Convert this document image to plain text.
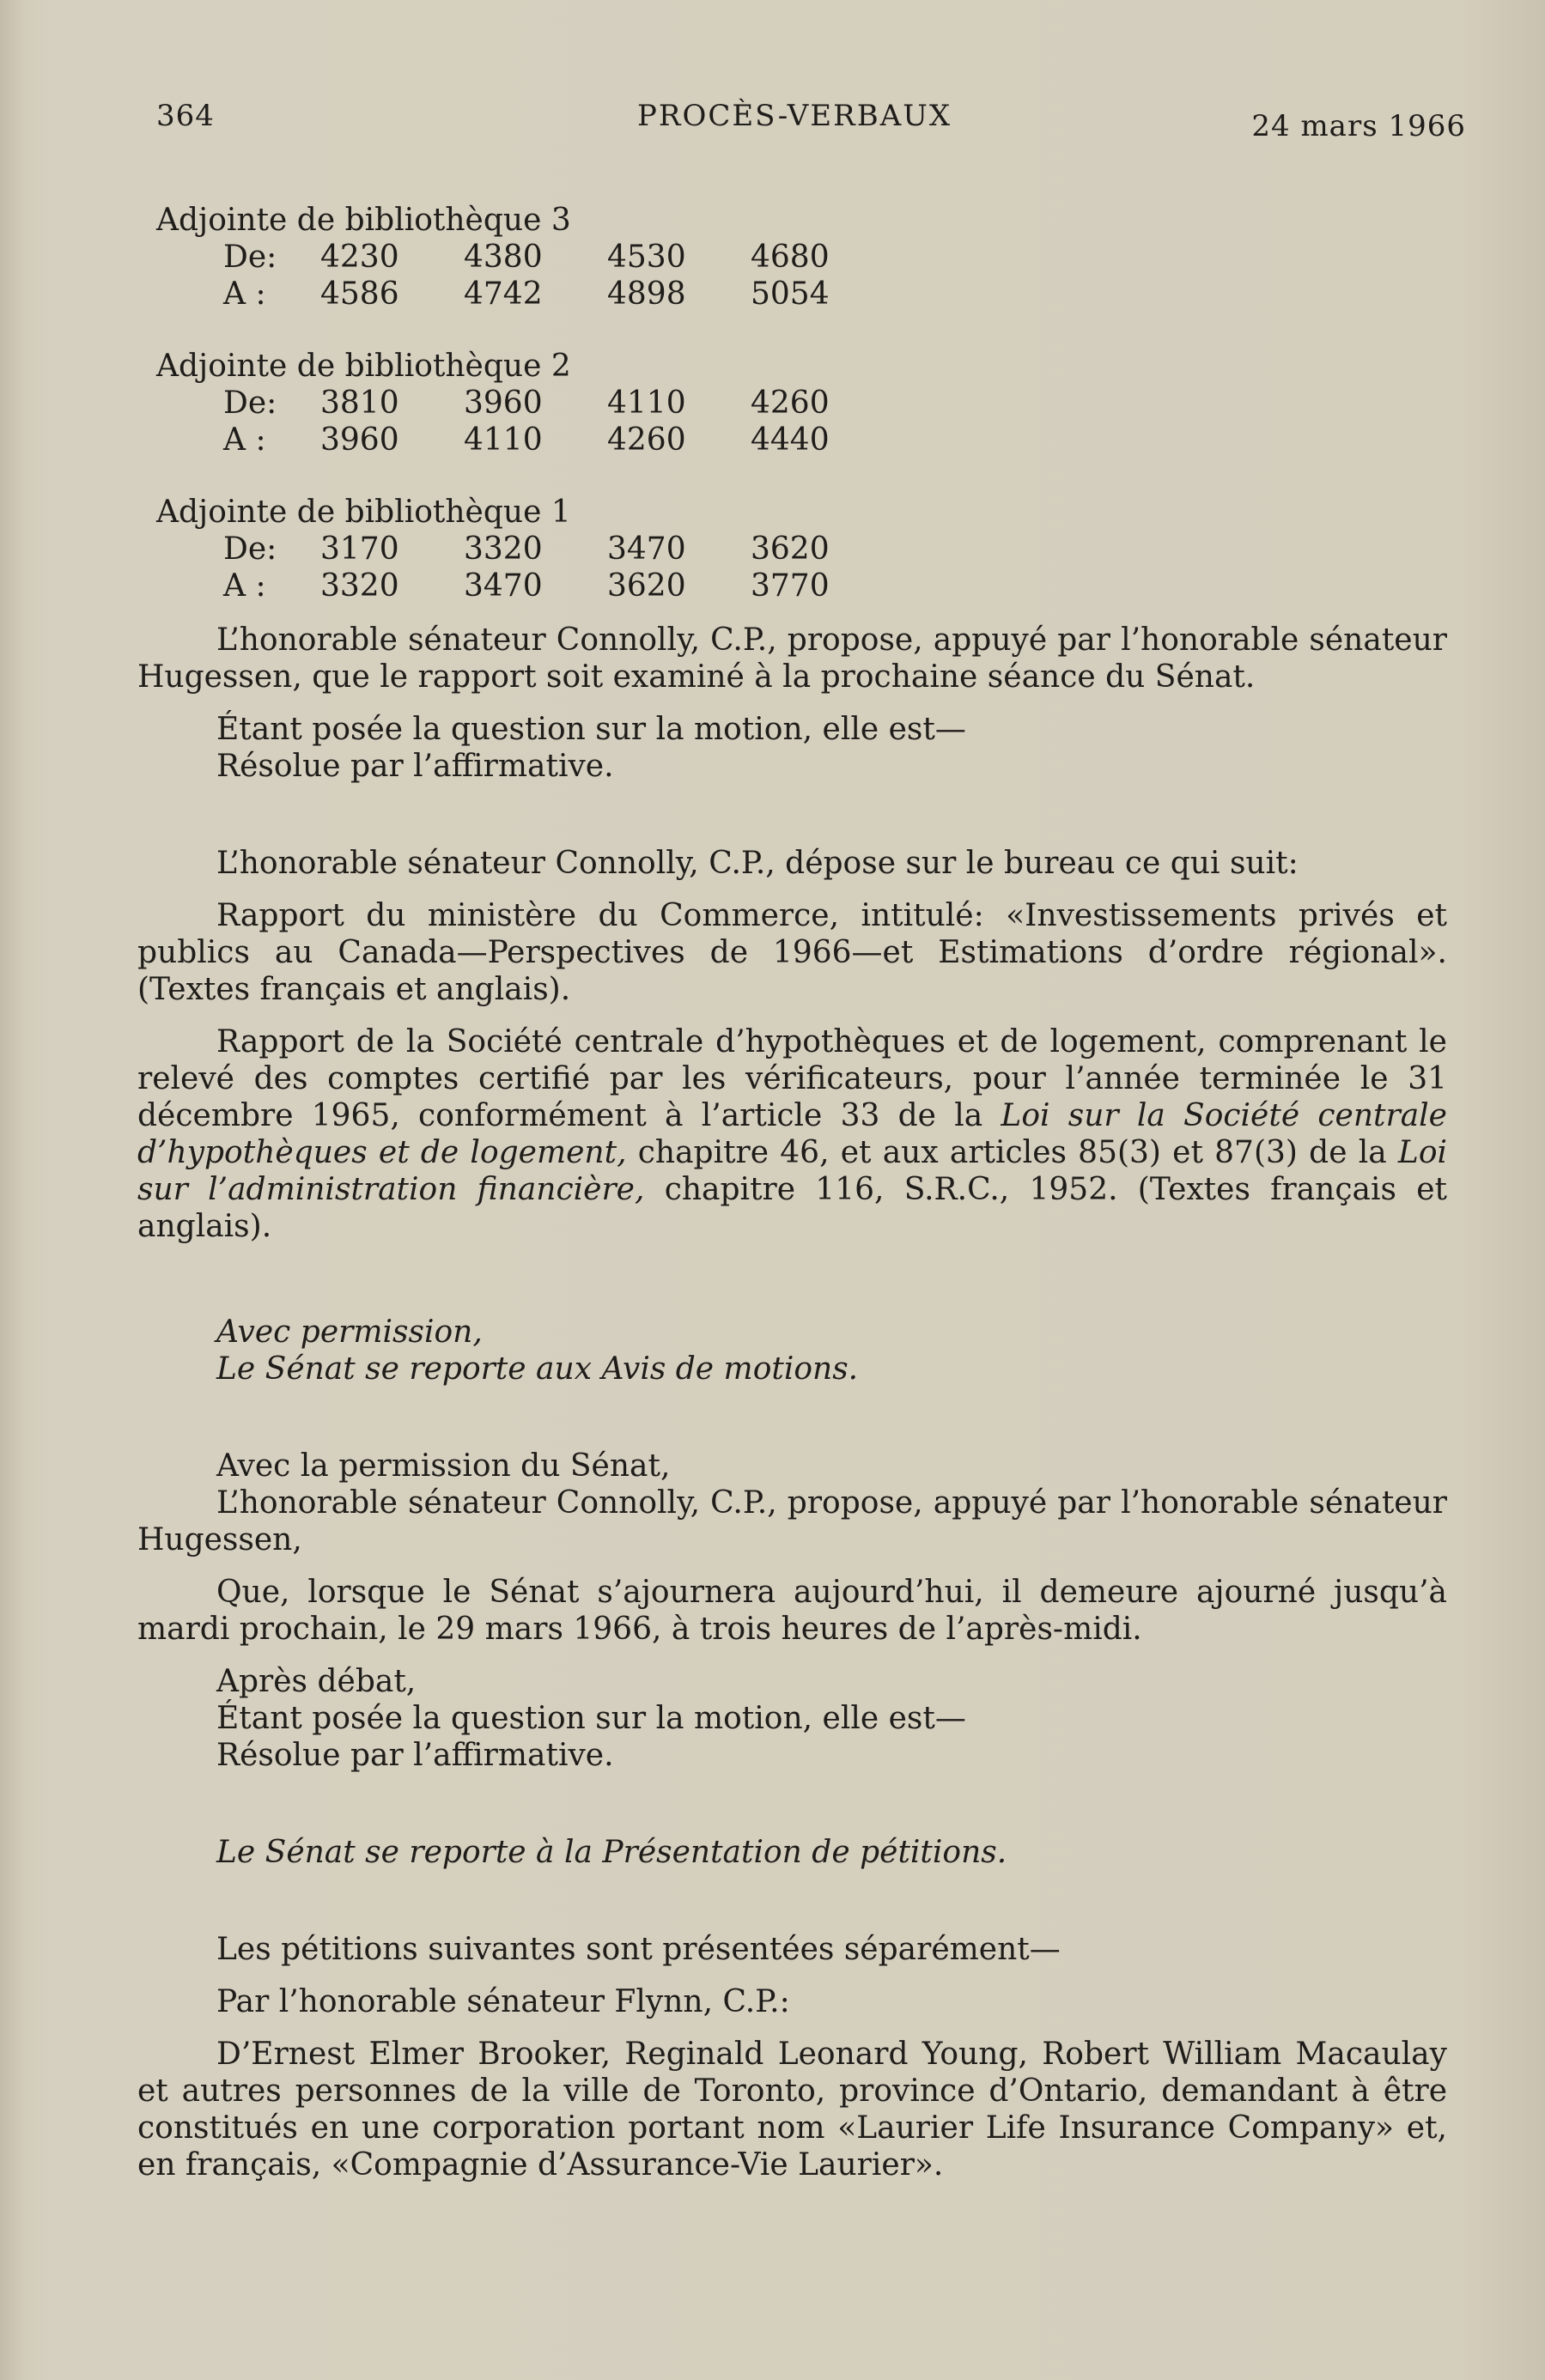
364	PROCÈS-VERBAUX	24 mars 1966
Adjointe de bibliothèque 3
De:	4230	4380	4530	4680
A :	4586	4742	4898	5054
Adjointe de bibliothèque 2
De:	3810	3960	4110	4260
A :	3960	4110	4260	4440
Adjointe de bibliothèque 1
De:	3170	3320	3470	3620
A :	3320	3470	3620	3770

L’honorable sénateur Connolly, C.P., propose, appuyé par l’honorable sénateur Hugessen, que le rapport soit examiné à la prochaine séance du Sénat.

Étant posée la question sur la motion, elle est—

Résolue par l’affirmative.

L’honorable sénateur Connolly, C.P., dépose sur le bureau ce qui suit:

Rapport du ministère du Commerce, intitulé: «Investissements privés et publics au Canada—Perspectives de 1966—et Estimations d’ordre régional». (Textes français et anglais).

Rapport de la Société centrale d’hypothèques et de logement, comprenant le relevé des comptes certifié par les vérificateurs, pour l’année terminée le 31 décembre 1965, conformément à l’article 33 de la Loi sur la Société centrale d’hypothèques et de logement, chapitre 46, et aux articles 85(3) et 87(3) de la Loi sur l’administration financière, chapitre 116, S.R.C., 1952. (Textes français et anglais).

Avec permission,

Le Sénat se reporte aux Avis de motions.

Avec la permission du Sénat,

L’honorable sénateur Connolly, C.P., propose, appuyé par l’honorable sénateur Hugessen,

Que, lorsque le Sénat s’ajournera aujourd’hui, il demeure ajourné jusqu’à mardi prochain, le 29 mars 1966, à trois heures de l’après-midi.

Après débat,

Étant posée la question sur la motion, elle est—

Résolue par l’affirmative.

Le Sénat se reporte à la Présentation de pétitions.

Les pétitions suivantes sont présentées séparément—

Par l’honorable sénateur Flynn, C.P.:

D’Ernest Elmer Brooker, Reginald Leonard Young, Robert William Macaulay et autres personnes de la ville de Toronto, province d’Ontario, demandant à être constitués en une corporation portant nom «Laurier Life Insurance Company» et, en français, «Compagnie d’Assurance-Vie Laurier».
